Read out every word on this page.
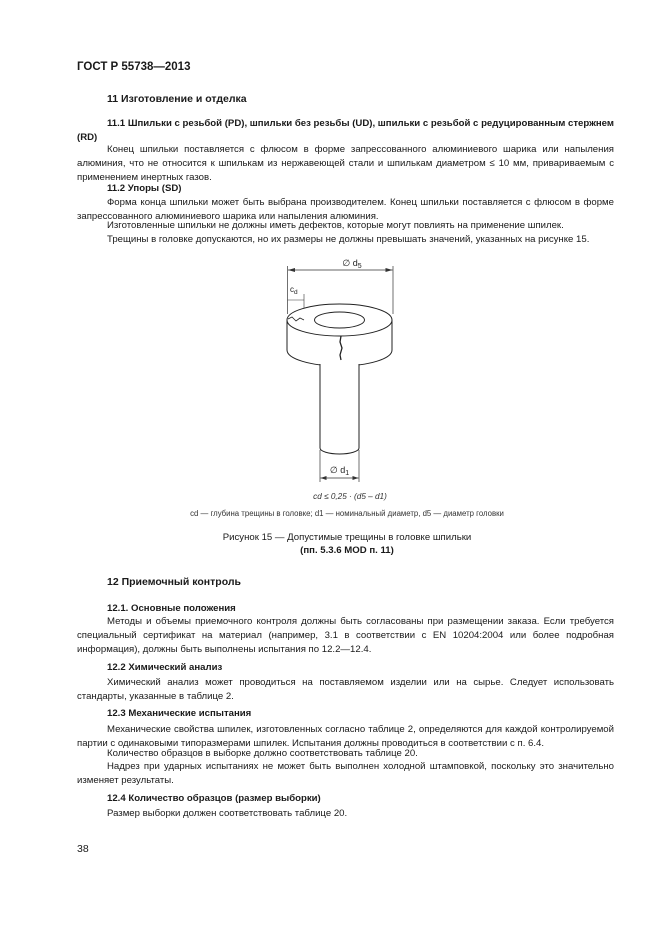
ГОСТ Р 55738—2013
11 Изготовление и отделка
11.1 Шпильки с резьбой (PD), шпильки без резьбы (UD), шпильки с резьбой с редуцированным стержнем (RD)
Конец шпильки поставляется с флюсом в форме запрессованного алюминиевого шарика или напыления алюминия, что не относится к шпилькам из нержавеющей стали и шпилькам диаметром ≤ 10 мм, привариваемым с применением инертных газов.
11.2 Упоры (SD)
Форма конца шпильки может быть выбрана производителем. Конец шпильки поставляется с флюсом в форме запрессованного алюминиевого шарика или напыления алюминия.
Изготовленные шпильки не должны иметь дефектов, которые могут повлиять на применение шпилек.
Трещины в головке допускаются, но их размеры не должны превышать значений, указанных на рисунке 15.
∅ $d_5$
$c_d$
∅ $d_1$
cd ≤ 0,25 · (d5 – d1)
cd — глубина трещины в головке; d1 — номинальный диаметр, d5 — диаметр головки
Рисунок 15 — Допустимые трещины в головке шпильки
(пп. 5.3.6 MOD п. 11)
12 Приемочный контроль
12.1. Основные положения
Методы и объемы приемочного контроля должны быть согласованы при размещении заказа. Если требуется специальный сертификат на материал (например, 3.1 в соответствии с EN 10204:2004 или более подробная информация), должны быть выполнены испытания по 12.2—12.4.
12.2 Химический анализ
Химический анализ может проводиться на поставляемом изделии или на сырье. Следует использовать стандарты, указанные в таблице 2.
12.3 Механические испытания
Механические свойства шпилек, изготовленных согласно таблице 2, определяются для каждой контролируемой партии с одинаковыми типоразмерами шпилек. Испытания должны проводиться в соответствии с п. 6.4.
Количество образцов в выборке должно соответствовать таблице 20.
Надрез при ударных испытаниях не может быть выполнен холодной штамповкой, поскольку это значительно изменяет результаты.
12.4 Количество образцов (размер выборки)
Размер выборки должен соответствовать таблице 20.
38
